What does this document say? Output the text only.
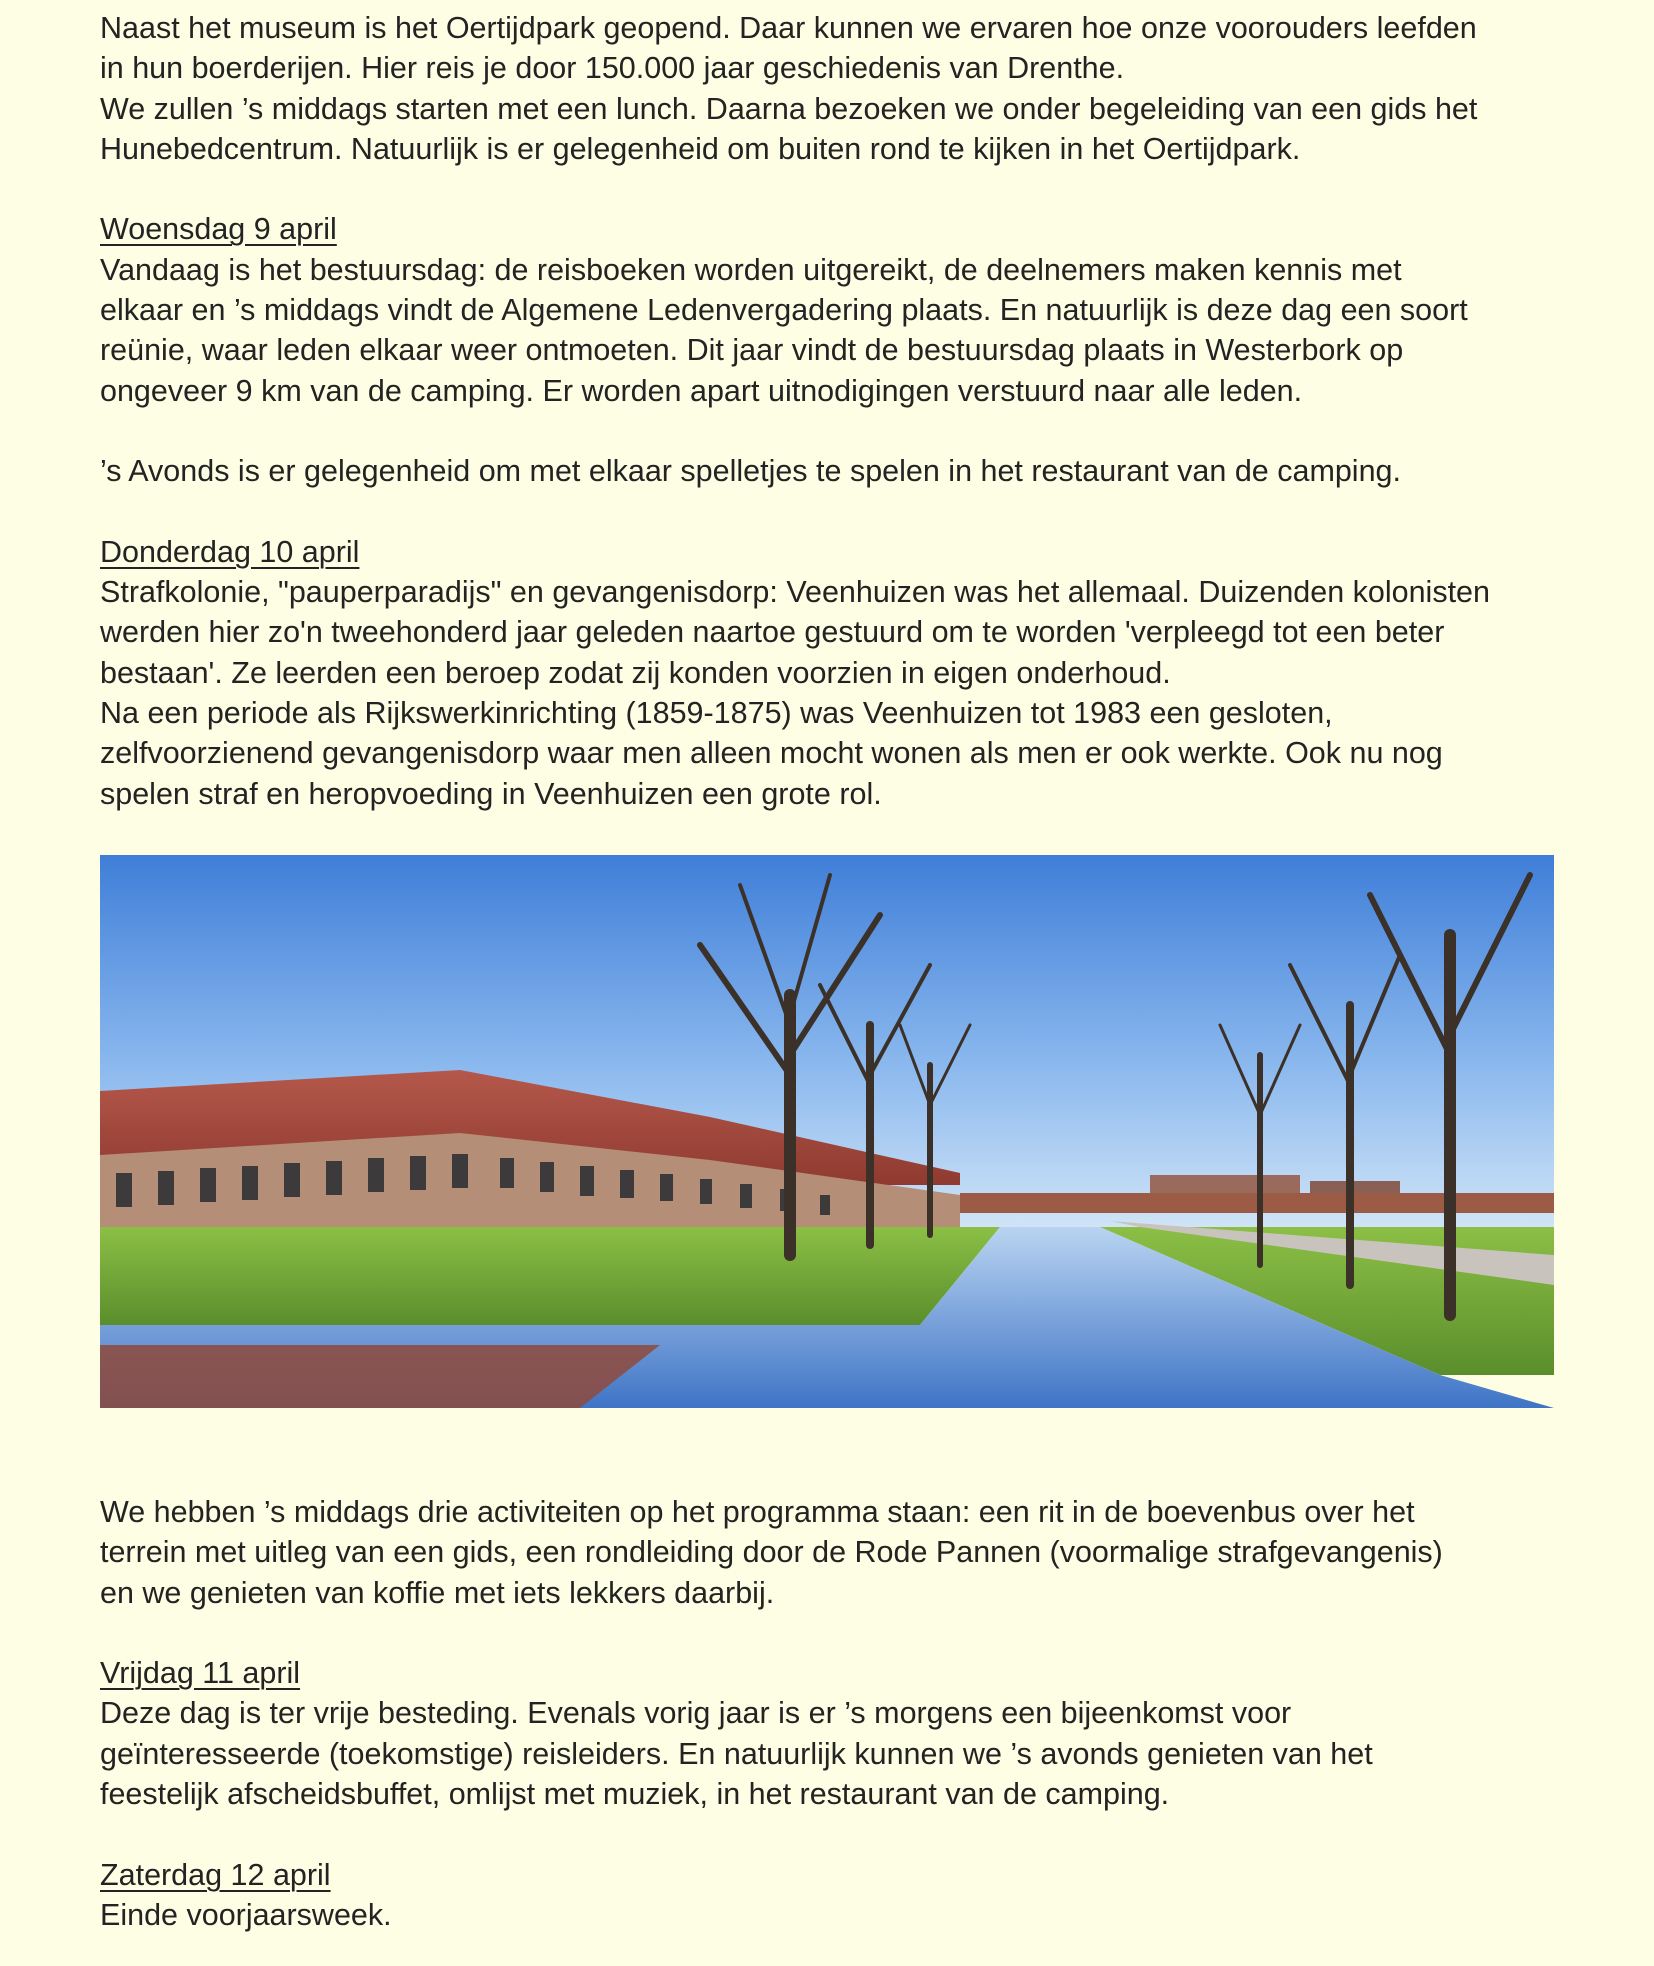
Naast het museum is het Oertijdpark geopend. Daar kunnen we ervaren hoe onze voorouders leefden

in hun boerderijen. Hier reis je door 150.000 jaar geschiedenis van Drenthe.

We zullen ’s middags starten met een lunch. Daarna bezoeken we onder begeleiding van een gids het

Hunebedcentrum. Natuurlijk is er gelegenheid om buiten rond te kijken in het Oertijdpark.

Woensdag 9 april

Vandaag is het bestuursdag: de reisboeken worden uitgereikt, de deelnemers maken kennis met

elkaar en ’s middags vindt de Algemene Ledenvergadering plaats. En natuurlijk is deze dag een soort

reünie, waar leden elkaar weer ontmoeten. Dit jaar vindt de bestuursdag plaats in Westerbork op

ongeveer 9 km van de camping. Er worden apart uitnodigingen verstuurd naar alle leden.

’s Avonds is er gelegenheid om met elkaar spelletjes te spelen in het restaurant van de camping.

Donderdag 10 april

Strafkolonie, "pauperparadijs" en gevangenisdorp: Veenhuizen was het allemaal. Duizenden kolonisten

werden hier zo'n tweehonderd jaar geleden naartoe gestuurd om te worden 'verpleegd tot een beter

bestaan'. Ze leerden een beroep zodat zij konden voorzien in eigen onderhoud.

Na een periode als Rijkswerkinrichting (1859-1875) was Veenhuizen tot 1983 een gesloten,

zelfvoorzienend gevangenisdorp waar men alleen mocht wonen als men er ook werkte. Ook nu nog

spelen straf en heropvoeding in Veenhuizen een grote rol.

We hebben ’s middags drie activiteiten op het programma staan: een rit in de boevenbus over het

terrein met uitleg van een gids, een rondleiding door de Rode Pannen (voormalige strafgevangenis)

en we genieten van koffie met iets lekkers daarbij.

Vrijdag 11 april

Deze dag is ter vrije besteding. Evenals vorig jaar is er ’s morgens een bijeenkomst voor

geïnteresseerde (toekomstige) reisleiders. En natuurlijk kunnen we ’s avonds genieten van het

feestelijk afscheidsbuffet, omlijst met muziek, in het restaurant van de camping.

Zaterdag 12 april

Einde voorjaarsweek.
